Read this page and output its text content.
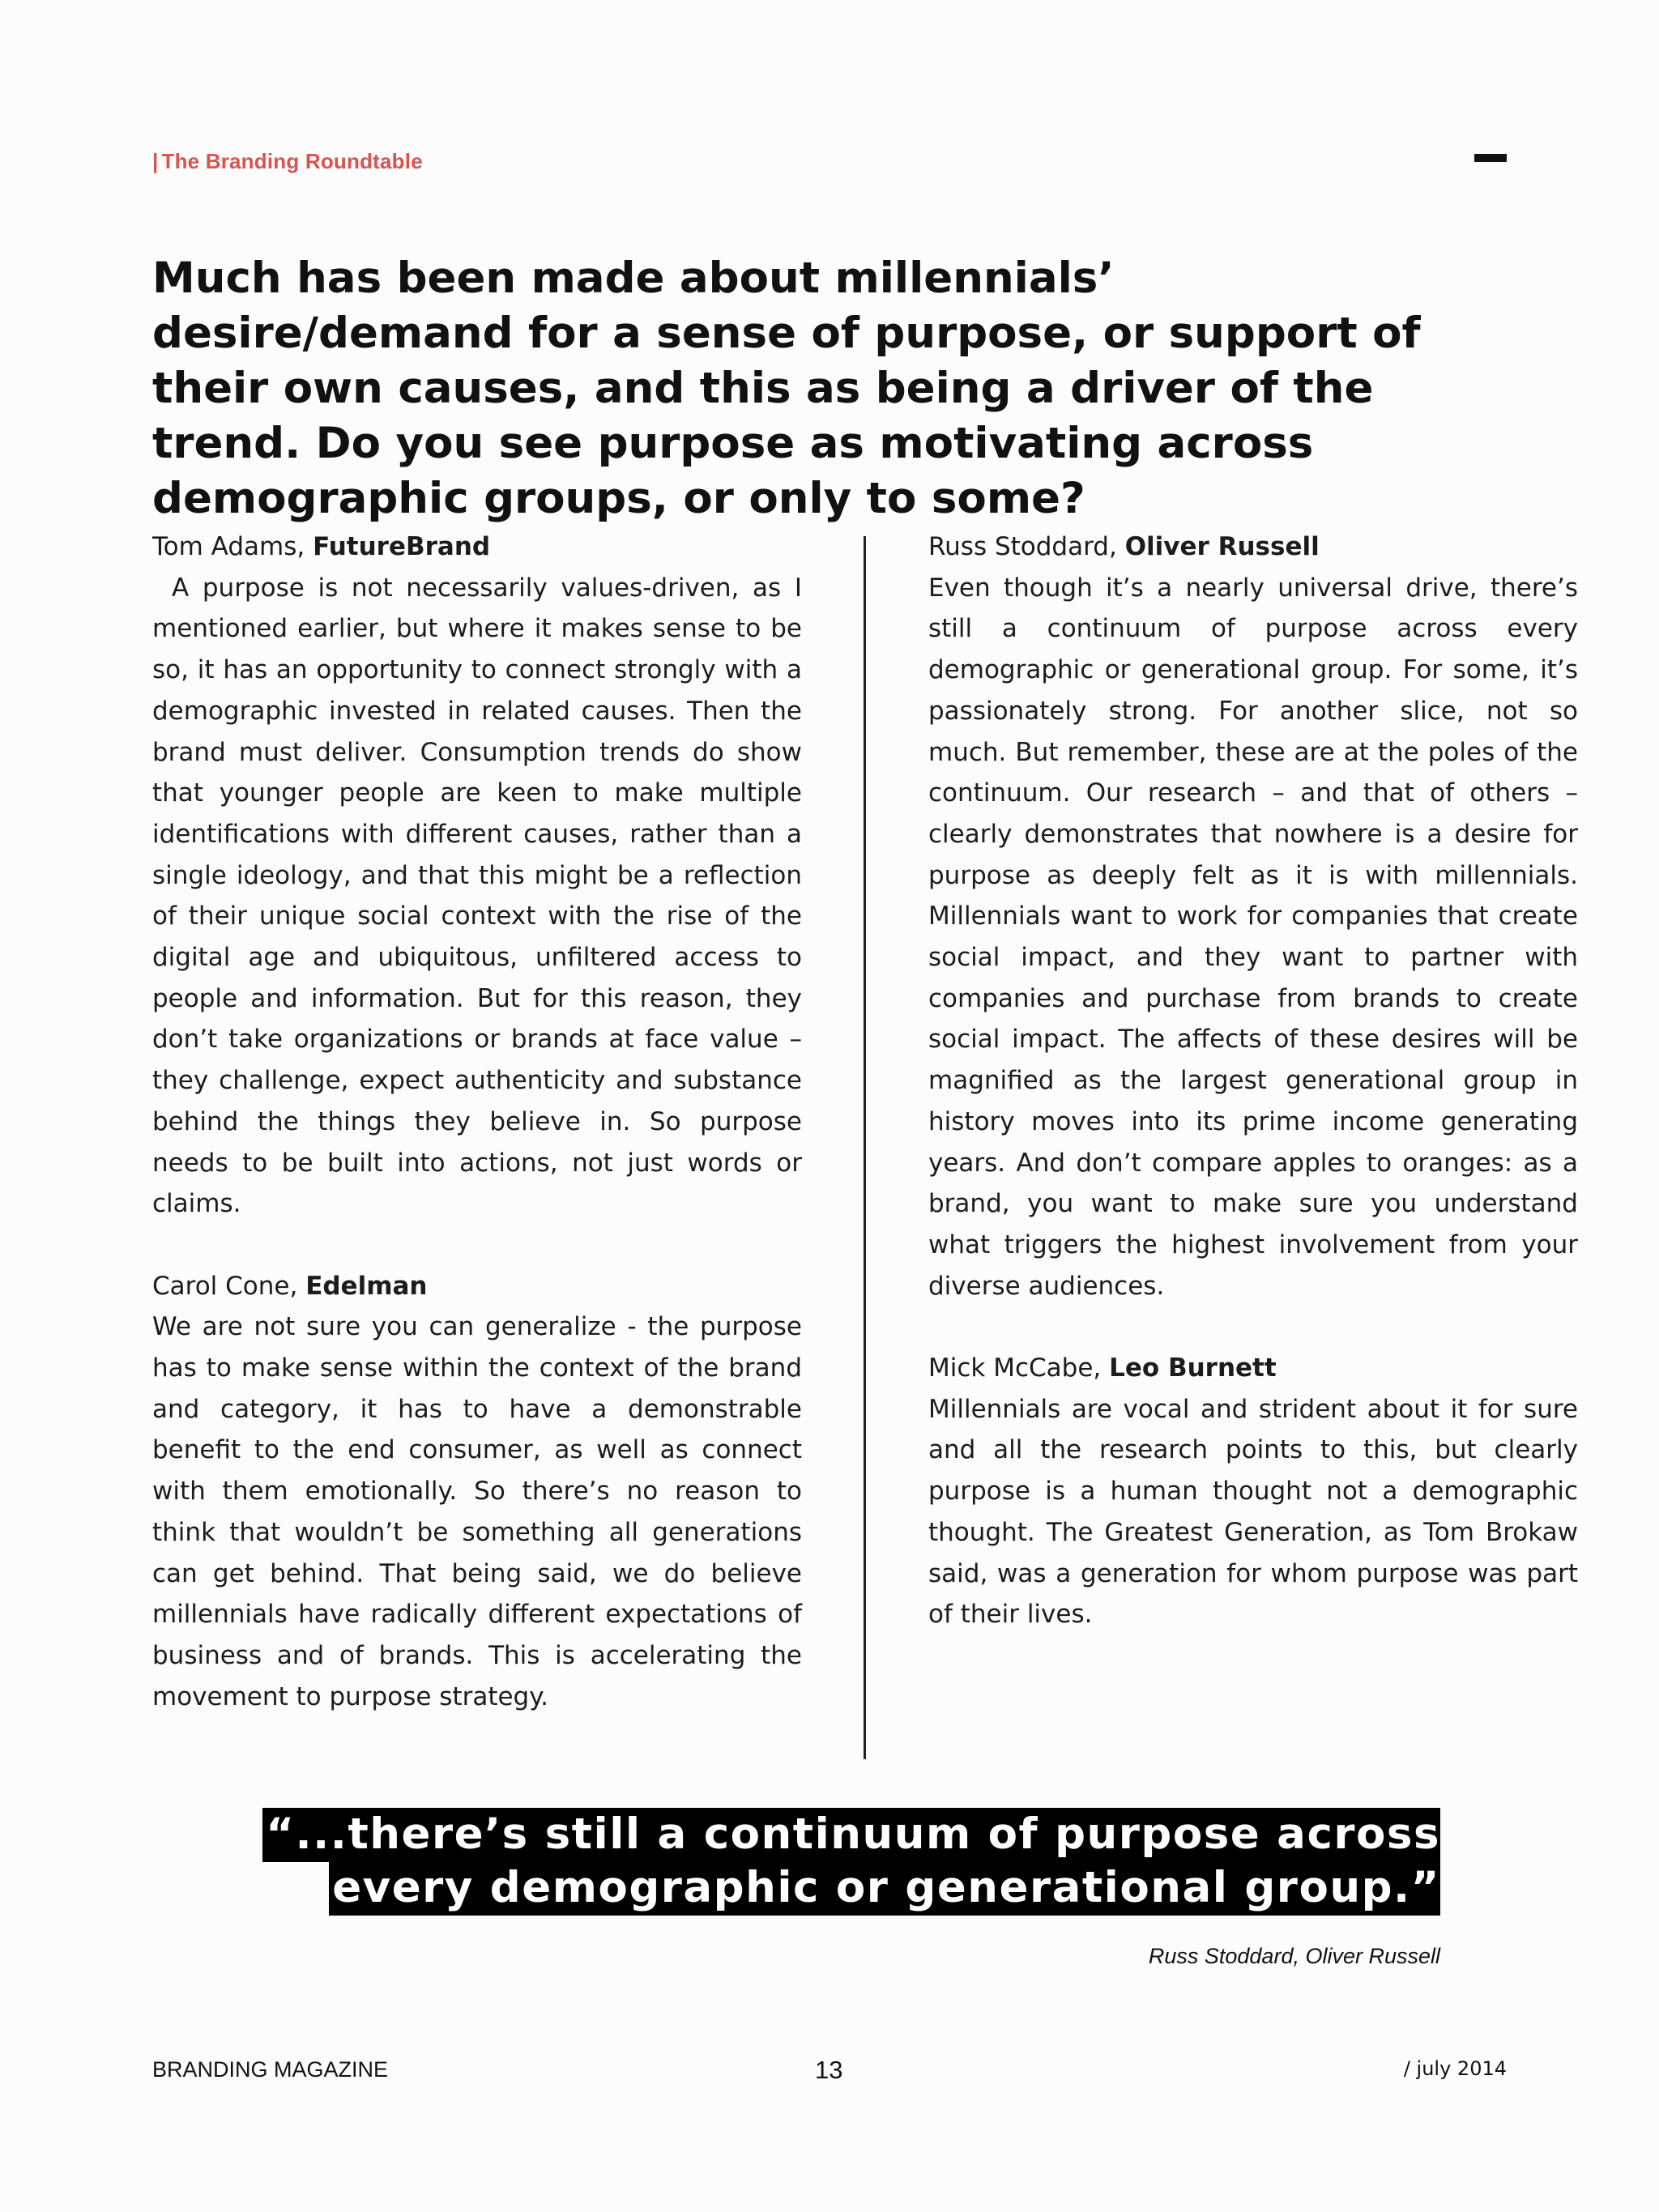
| The Branding Roundtable
Much has been made about millennials’ desire/demand for a sense of purpose, or support of their own causes, and this as being a driver of the trend. Do you see purpose as motivating across demographic groups, or only to some?

Tom Adams, FutureBrand

A purpose is not necessarily values-driven, as I mentioned earlier, but where it makes sense to be so, it has an opportunity to connect strongly with a demographic invested in related causes. Then the brand must deliver. Consumption trends do show that younger people are keen to make multiple identifications with different causes, rather than a single ideology, and that this might be a reflection of their unique social context with the rise of the digital age and ubiquitous, unfiltered access to people and information. But for this reason, they don’t take organizations or brands at face value – they challenge, expect authenticity and substance behind the things they believe in. So purpose needs to be built into actions, not just words or claims.

Carol Cone, Edelman

We are not sure you can generalize - the purpose has to make sense within the context of the brand and category, it has to have a demonstrable benefit to the end consumer, as well as connect with them emotionally. So there’s no reason to think that wouldn’t be something all generations can get behind. That being said, we do believe millennials have radically different expectations of business and of brands. This is accelerating the movement to purpose strategy.

Russ Stoddard, Oliver Russell

Even though it’s a nearly universal drive, there’s still a continuum of purpose across every demographic or generational group. For some, it’s passionately strong. For another slice, not so much. But remember, these are at the poles of the continuum. Our research – and that of others – clearly demonstrates that nowhere is a desire for purpose as deeply felt as it is with millennials. Millennials want to work for companies that create social impact, and they want to partner with companies and purchase from brands to create social impact. The affects of these desires will be magnified as the largest generational group in history moves into its prime income generating years. And don’t compare apples to oranges: as a brand, you want to make sure you understand what triggers the highest involvement from your diverse audiences.

Mick McCabe, Leo Burnett

Millennials are vocal and strident about it for sure and all the research points to this, but clearly purpose is a human thought not a demographic thought. The Greatest Generation, as Tom Brokaw said, was a generation for whom purpose was part of their lives.

“...there’s still a continuum of purpose across every demographic or generational group.”
Russ Stoddard, Oliver Russell
BRANDING MAGAZINE	13	/ july 2014
